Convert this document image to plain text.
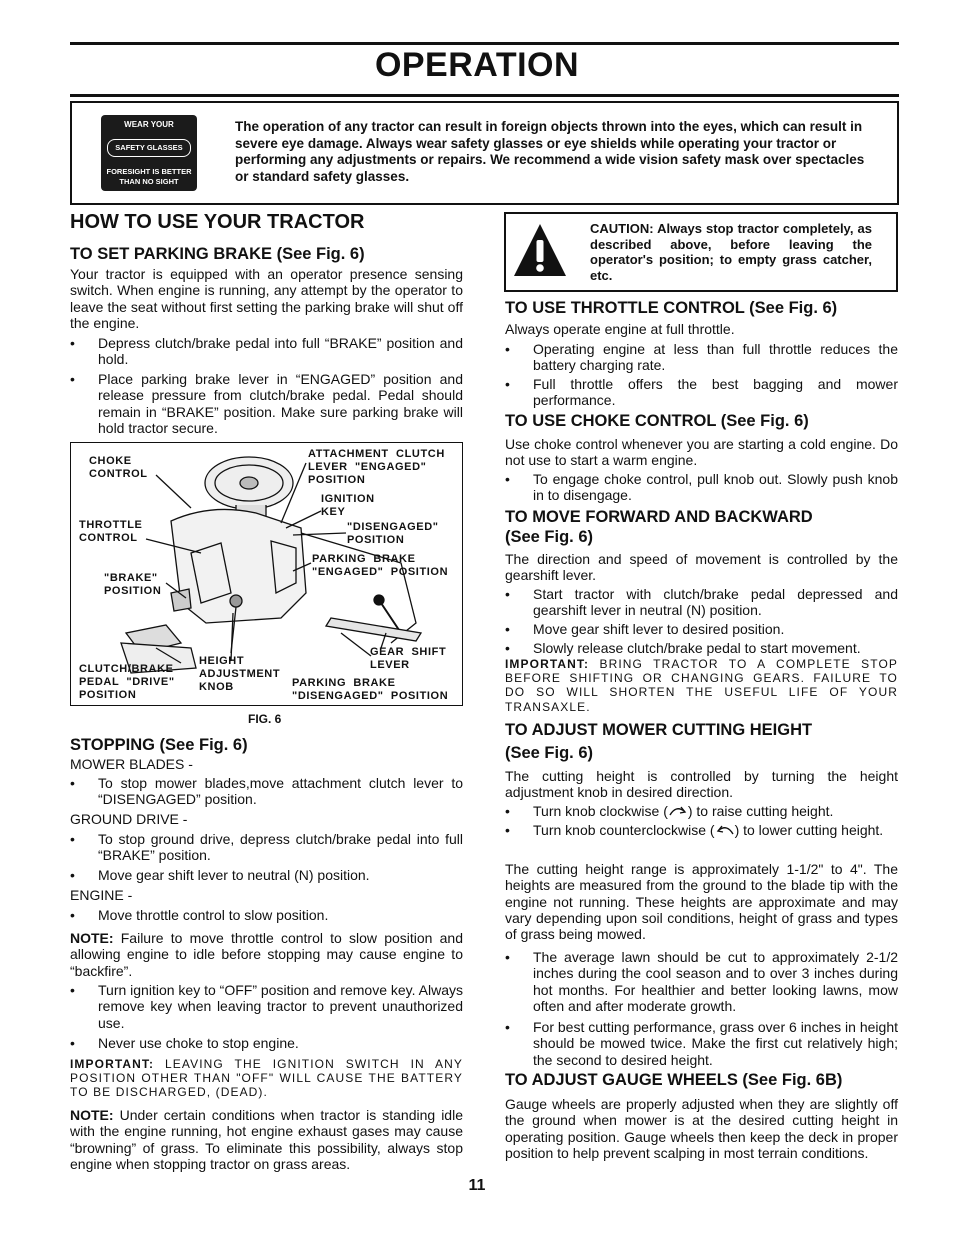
OPERATION
WEAR YOUR
SAFETY GLASSES
FORESIGHT IS BETTER
THAN NO SIGHT
The operation of any tractor can result in foreign objects thrown into the eyes, which can result in severe eye damage. Always wear safety glasses or eye shields while operating your tractor or performing any adjustments or repairs. We recommend a wide vision safety mask over spectacles or standard safety glasses.
HOW TO USE YOUR TRACTOR
TO SET PARKING BRAKE (See Fig. 6)

Your tractor is equipped with an operator presence sensing switch. When engine is running, any attempt by the operator to leave the seat without first setting the parking brake will shut off the engine.

• Depress clutch/brake pedal into full “BRAKE” position and hold.
• Place parking brake lever in “ENGAGED” position and release pressure from clutch/brake pedal. Pedal should remain in “BRAKE” position. Make sure parking brake will hold tractor secure.
CHOKE
CONTROL
ATTACHMENT  CLUTCH
LEVER  "ENGAGED"
POSITION
IGNITION
KEY
THROTTLE
CONTROL
"DISENGAGED"
POSITION
PARKING  BRAKE
"ENGAGED"  POSITION
"BRAKE"
POSITION
GEAR  SHIFT
LEVER
HEIGHT
ADJUSTMENT
KNOB
CLUTCH/BRAKE
PEDAL  "DRIVE"
POSITION
PARKING  BRAKE
"DISENGAGED"  POSITION
FIG. 6
STOPPING (See Fig. 6)

MOWER BLADES -

• To stop mower blades,move attachment clutch lever to “DISENGAGED” position.

GROUND DRIVE -

• To stop ground drive, depress clutch/brake pedal into full “BRAKE” position.
• Move gear shift lever to neutral (N) position.

ENGINE -

• Move throttle control to slow position.

NOTE: Failure to move throttle control to slow position and allowing engine to idle before stopping may cause engine to “backfire”.

• Turn ignition key to “OFF” position and remove key. Always remove key when leaving tractor to prevent unauthorized use.
• Never use choke to stop engine.

IMPORTANT: LEAVING THE IGNITION SWITCH IN ANY POSITION OTHER THAN "OFF" WILL CAUSE THE BATTERY TO BE DISCHARGED, (DEAD).

NOTE: Under certain conditions when tractor is standing idle with the engine running, hot engine exhaust gases may cause “browning” of grass. To eliminate this possibility, always stop engine when stopping tractor on grass areas.

CAUTION: Always stop tractor completely, as described above, before leaving the operator's position; to empty grass catcher, etc.
TO USE THROTTLE CONTROL (See Fig. 6)

Always operate engine at full throttle.

• Operating engine at less than full throttle reduces the battery charging rate.
• Full throttle offers the best bagging and mower performance.
TO USE CHOKE CONTROL (See Fig. 6)

Use choke control whenever you are starting a cold engine. Do not use to start a warm engine.

• To engage choke control, pull knob out. Slowly push knob in to disengage.
TO MOVE FORWARD AND BACKWARD
(See Fig. 6)

The direction and speed of movement is controlled by the gearshift lever.

• Start tractor with clutch/brake pedal depressed and gearshift lever in neutral (N) position.
• Move gear shift lever to desired position.
• Slowly release clutch/brake pedal to start movement.

IMPORTANT: BRING TRACTOR TO A COMPLETE STOP BEFORE SHIFTING OR CHANGING GEARS. FAILURE TO DO SO WILL SHORTEN THE USEFUL LIFE OF YOUR TRANSAXLE.

TO ADJUST MOWER CUTTING HEIGHT
(See Fig. 6)

The cutting height is controlled by turning the height adjustment knob in desired direction.

• Turn knob clockwise ( ) to raise cutting height.
• Turn knob counterclockwise ( ) to lower cutting height.

The cutting height range is approximately 1-1/2" to 4". The heights are measured from the ground to the blade tip with the engine not running. These heights are approximate and may vary depending upon soil conditions, height of grass and types of grass being mowed.

• The average lawn should be cut to approximately 2-1/2 inches during the cool season and to over 3 inches during hot months. For healthier and better looking lawns, mow often and after moderate growth.
• For best cutting performance, grass over 6 inches in height should be mowed twice. Make the first cut relatively high; the second to desired height.
TO ADJUST GAUGE WHEELS (See Fig. 6B)

Gauge wheels are properly adjusted when they are slightly off the ground when mower is at the desired cutting height in operating position. Gauge wheels then keep the deck in proper position to help prevent scalping in most terrain conditions.

11
